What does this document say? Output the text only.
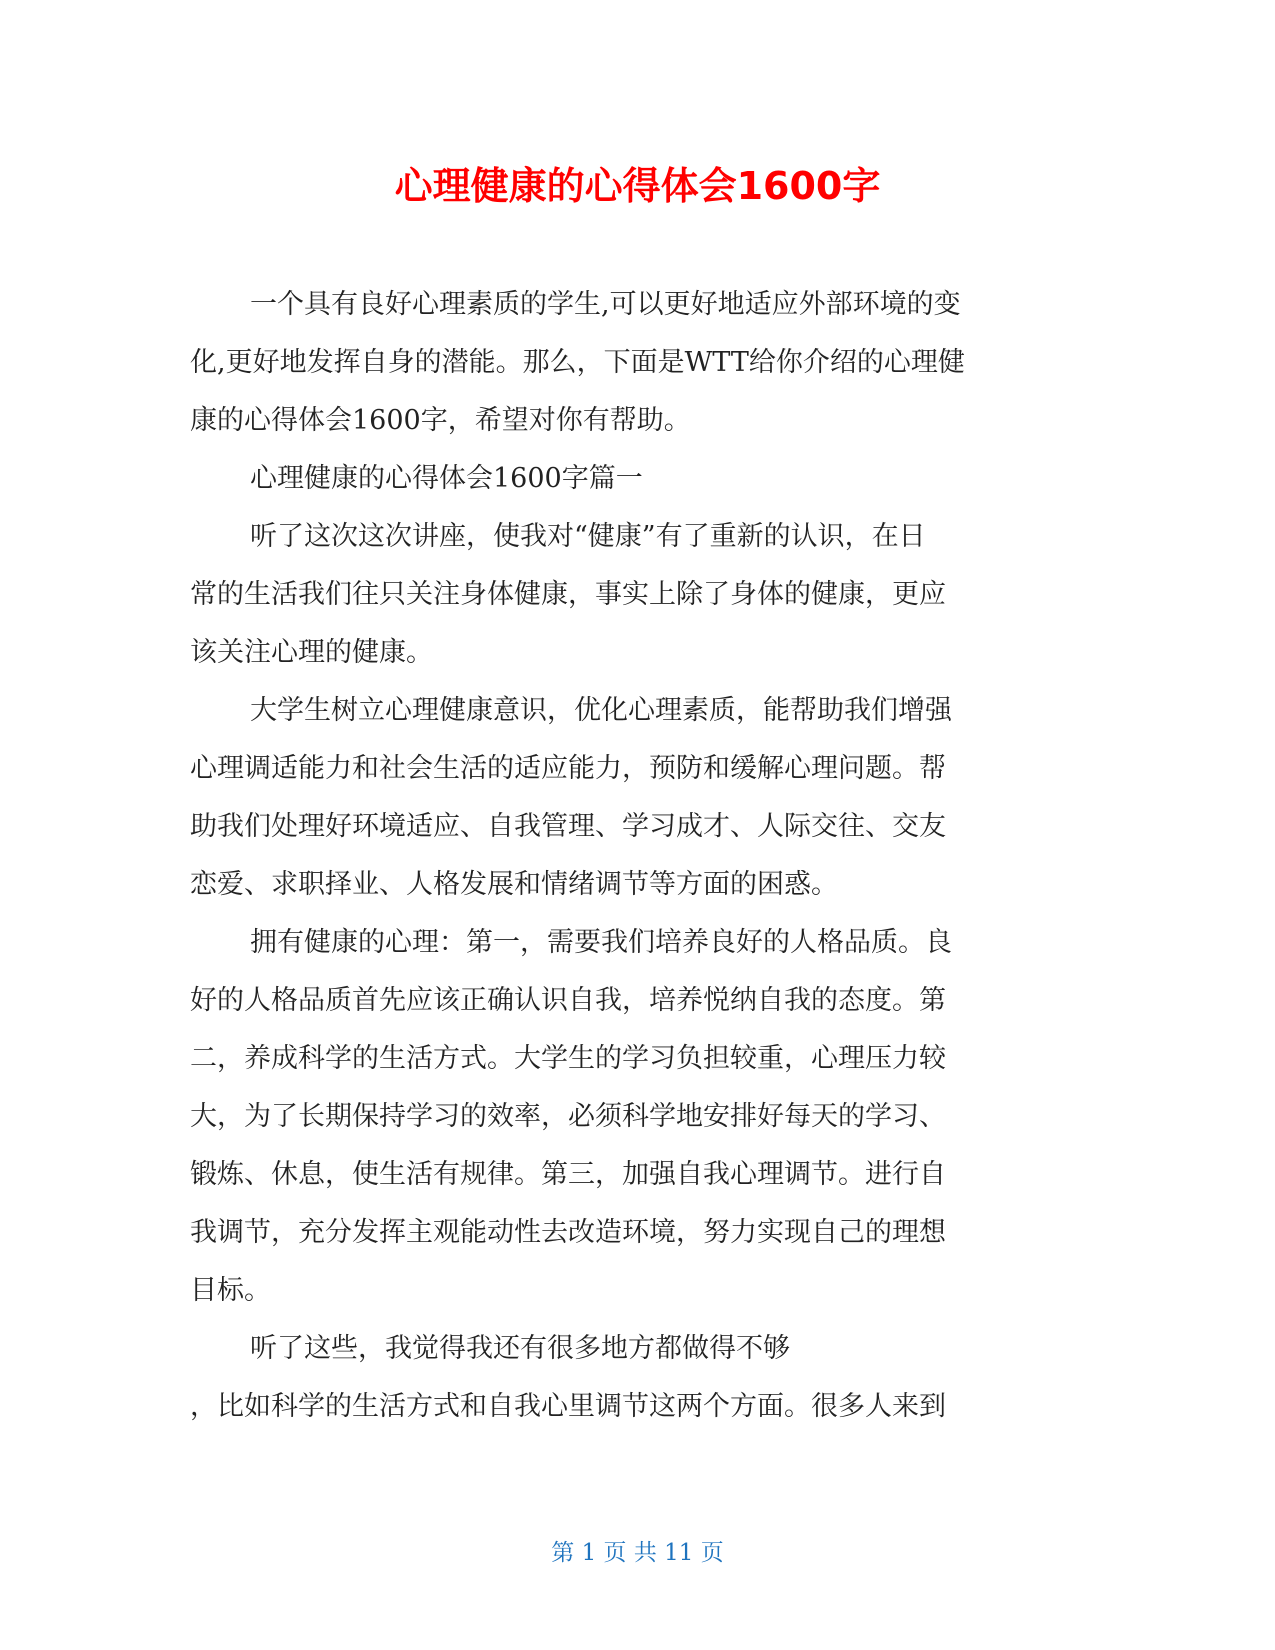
心理健康的心得体会1600字
一个具有良好心理素质的学生,可以更好地适应外部环境的变
化,更好地发挥自身的潜能。那么，下面是WTT给你介绍的心理健
康的心得体会1600字，希望对你有帮助。
心理健康的心得体会1600字篇一
听了这次这次讲座，使我对“健康”有了重新的认识，在日
常的生活我们往只关注身体健康，事实上除了身体的健康，更应
该关注心理的健康。
大学生树立心理健康意识，优化心理素质，能帮助我们增强
心理调适能力和社会生活的适应能力，预防和缓解心理问题。帮
助我们处理好环境适应、自我管理、学习成才、人际交往、交友
恋爱、求职择业、人格发展和情绪调节等方面的困惑。
拥有健康的心理：第一，需要我们培养良好的人格品质。良
好的人格品质首先应该正确认识自我，培养悦纳自我的态度。第
二，养成科学的生活方式。大学生的学习负担较重，心理压力较
大，为了长期保持学习的效率，必须科学地安排好每天的学习、
锻炼、休息，使生活有规律。第三，加强自我心理调节。进行自
我调节，充分发挥主观能动性去改造环境，努力实现自己的理想
目标。
听了这些，我觉得我还有很多地方都做得不够
，比如科学的生活方式和自我心里调节这两个方面。很多人来到
第 1 页 共 11 页
